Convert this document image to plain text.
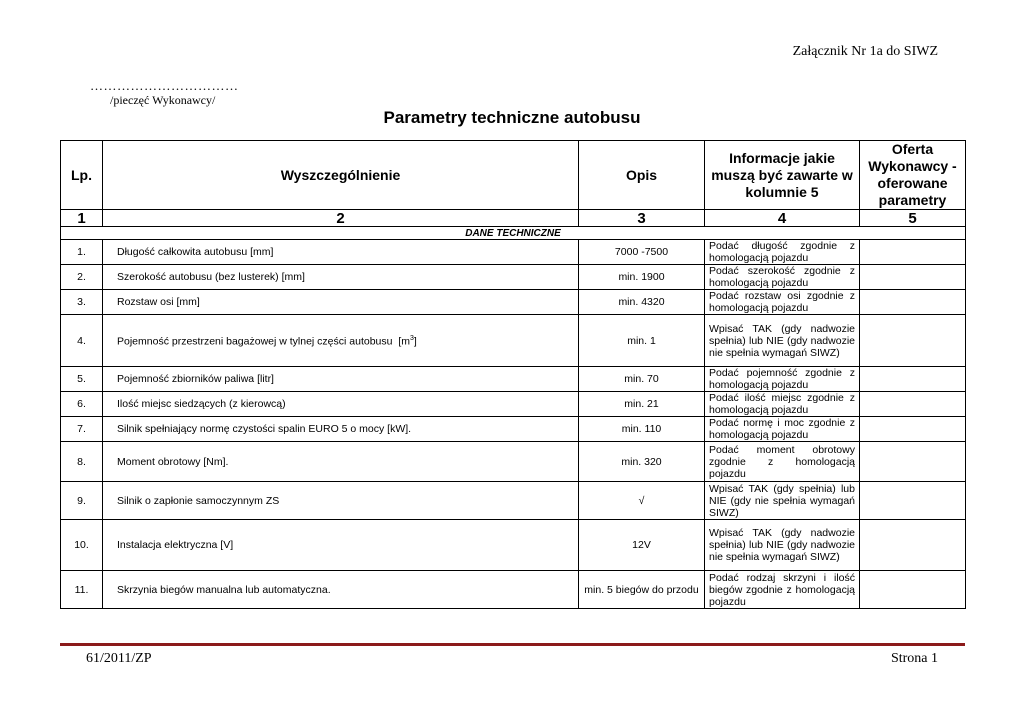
Załącznik Nr 1a do SIWZ
……………………………
/pieczęć Wykonawcy/
Parametry techniczne autobusu
Lp.	Wyszczególnienie	Opis	Informacje jakie muszą być zawarte w kolumnie 5	Oferta Wykonawcy - oferowane parametry
1	2	3	4	5
DANE TECHNICZNE				
1.	Długość całkowita autobusu [mm]	7000 -7500	Podać długość zgodnie z homologacją pojazdu	
2.	Szerokość autobusu (bez lusterek) [mm]	min. 1900	Podać szerokość zgodnie z homologacją pojazdu	
3.	Rozstaw osi [mm]	min. 4320	Podać rozstaw osi zgodnie z homologacją pojazdu	
4.	Pojemność przestrzeni bagażowej w tylnej części autobusu $[m^3]$	min. 1	Wpisać TAK (gdy nadwozie spełnia) lub NIE (gdy nadwozie nie spełnia wymagań SIWZ)	
5.	Pojemność zbiorników paliwa [litr]	min. 70	Podać pojemność zgodnie z homologacją pojazdu	
6.	Ilość miejsc siedzących (z kierowcą)	min. 21	Podać ilość miejsc zgodnie z homologacją pojazdu	
7.	Silnik spełniający normę czystości spalin EURO 5 o mocy [kW].	min. 110	Podać normę i moc zgodnie z homologacją pojazdu	
8.	Moment obrotowy [Nm].	min. 320	Podać moment obrotowy zgodnie z homologacją pojazdu	
9.	Silnik o zapłonie samoczynnym ZS	√	Wpisać TAK (gdy spełnia) lub NIE (gdy nie spełnia wymagań SIWZ)	
10.	Instalacja elektryczna [V]	12V	Wpisać TAK (gdy nadwozie spełnia) lub NIE (gdy nadwozie nie spełnia wymagań SIWZ)	
11.	Skrzynia biegów manualna lub automatyczna.	min. 5 biegów do przodu	Podać rodzaj skrzyni i ilość biegów zgodnie z homologacją pojazdu	
61/2011/ZP	Strona 1
